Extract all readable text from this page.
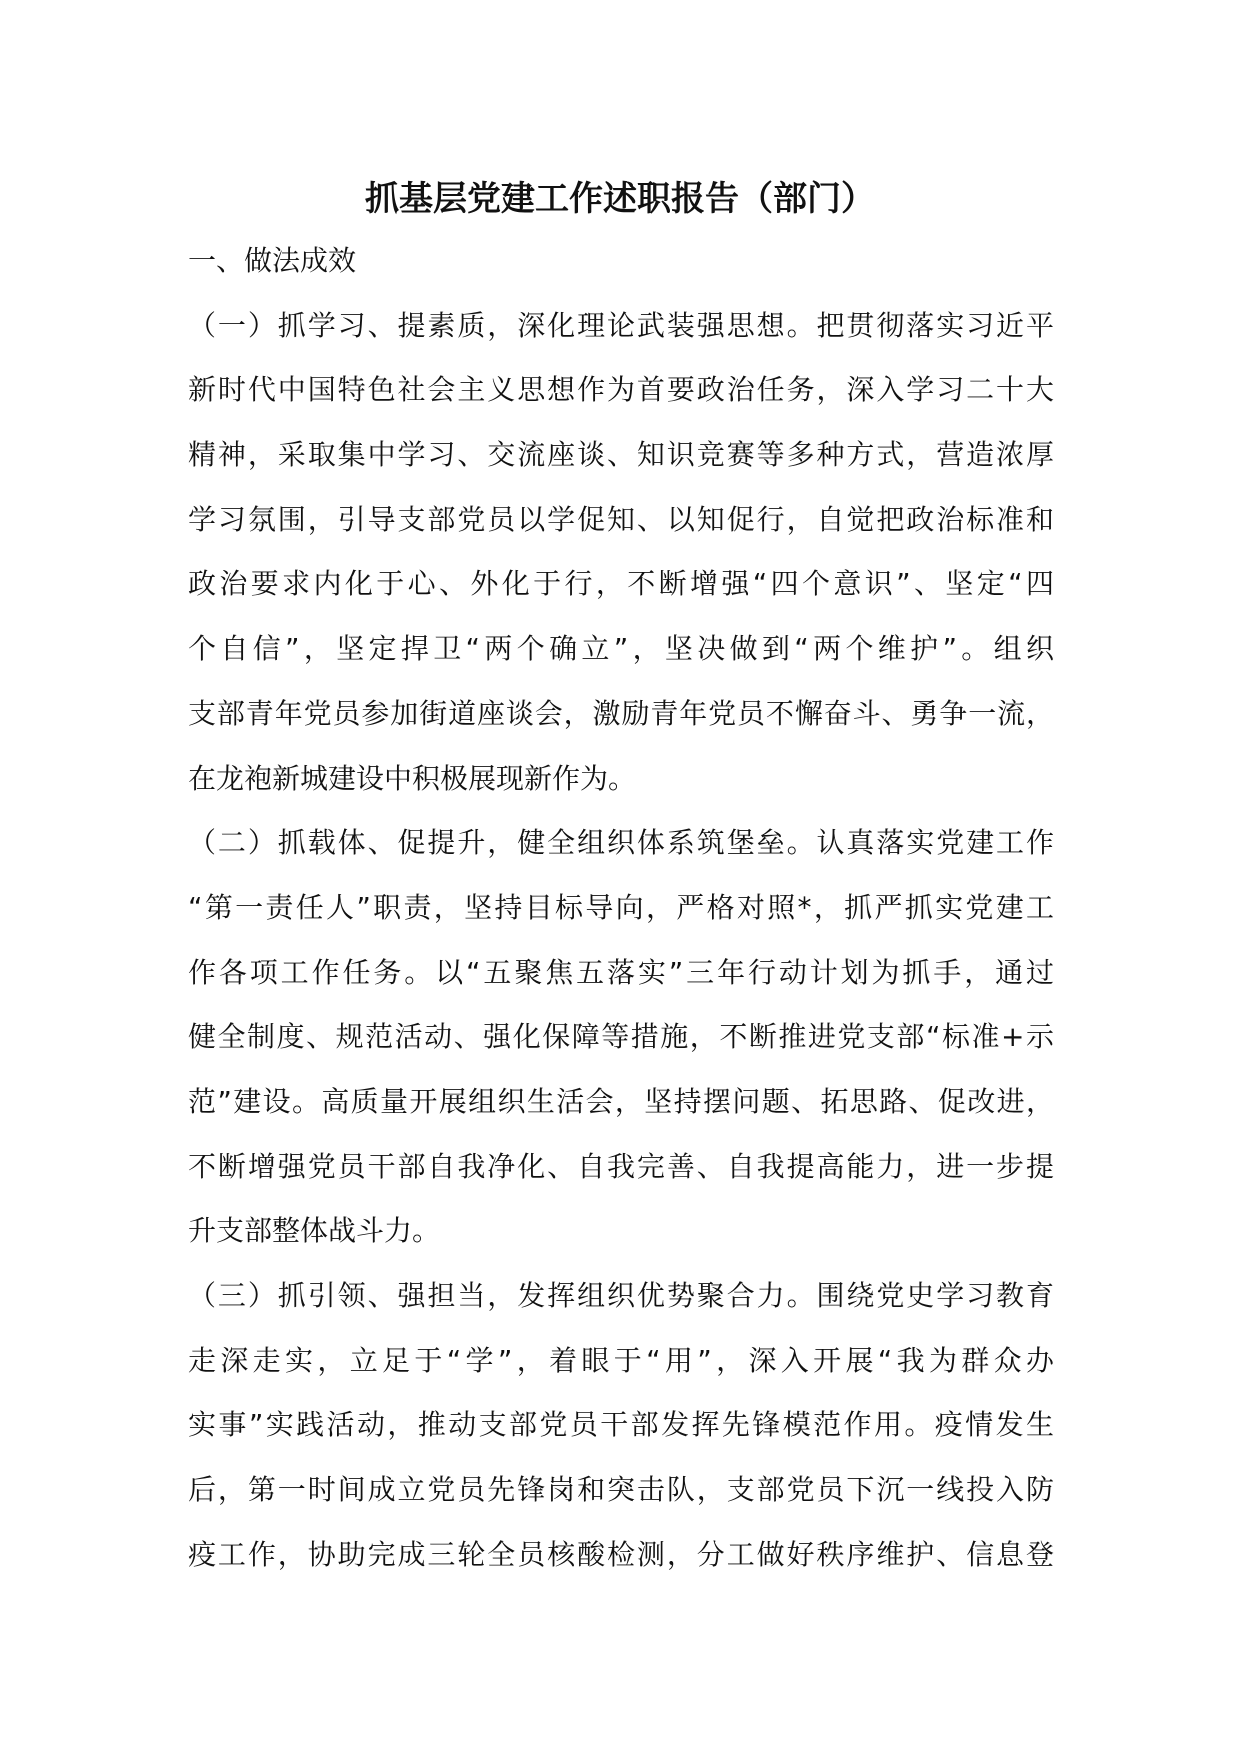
抓基层党建工作述职报告（部门）
一、做法成效
（一）抓学习、提素质，深化理论武装强思想。把贯彻落实习近平
新时代中国特色社会主义思想作为首要政治任务，深入学习二十大
精神，采取集中学习、交流座谈、知识竞赛等多种方式，营造浓厚
学习氛围，引导支部党员以学促知、以知促行，自觉把政治标准和
政治要求内化于心、外化于行，不断增强“四个意识”、坚定“四
个自信”，坚定捍卫“两个确立”，坚决做到“两个维护”。组织
支部青年党员参加街道座谈会，激励青年党员不懈奋斗、勇争一流，
在龙袍新城建设中积极展现新作为。
（二）抓载体、促提升，健全组织体系筑堡垒。认真落实党建工作
“第一责任人”职责，坚持目标导向，严格对照*，抓严抓实党建工
作各项工作任务。以“五聚焦五落实”三年行动计划为抓手，通过
健全制度、规范活动、强化保障等措施，不断推进党支部“标准+示
范”建设。高质量开展组织生活会，坚持摆问题、拓思路、促改进，
不断增强党员干部自我净化、自我完善、自我提高能力，进一步提
升支部整体战斗力。
（三）抓引领、强担当，发挥组织优势聚合力。围绕党史学习教育
走深走实，立足于“学”，着眼于“用”，深入开展“我为群众办
实事”实践活动，推动支部党员干部发挥先锋模范作用。疫情发生
后，第一时间成立党员先锋岗和突击队，支部党员下沉一线投入防
疫工作，协助完成三轮全员核酸检测，分工做好秩序维护、信息登
